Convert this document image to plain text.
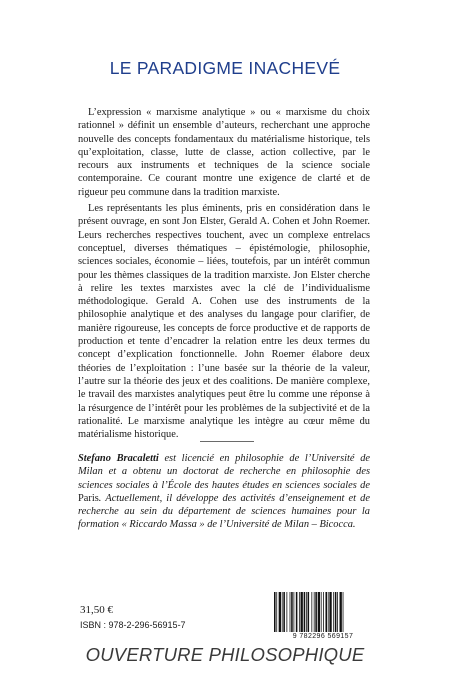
LE PARADIGME INACHEVÉ

L’expression « marxisme analytique » ou « marxisme du choix rationnel » définit un ensemble d’auteurs, recherchant une approche nouvelle des concepts fondamentaux du matérialisme historique, tels qu’exploitation, classe, lutte de classe, action collective, par le recours aux instruments et techniques de la science sociale contemporaine. Ce courant montre une exigence de clarté et de rigueur peu commune dans la tradition marxiste.

Les représentants les plus éminents, pris en considération dans le présent ouvrage, en sont Jon Elster, Gerald A. Cohen et John Roemer. Leurs recherches respectives touchent, avec un complexe entrelacs conceptuel, diverses thématiques – épistémologie, philosophie, sciences sociales, économie – liées, toutefois, par un intérêt commun pour les thèmes classiques de la tradition marxiste. Jon Elster cherche à relire les textes marxistes avec la clé de l’individualisme méthodologique. Gerald A. Cohen use des instruments de la philosophie analytique et des analyses du langage pour clarifier, de manière rigoureuse, les concepts de force productive et de rapports de production et tente d’encadrer la relation entre les deux termes du concept d’explication fonctionnelle. John Roemer élabore deux théories de l’exploitation : l’une basée sur la théorie de la valeur, l’autre sur la théorie des jeux et des coalitions. De manière complexe, le travail des marxistes analytiques peut être lu comme une réponse à la résurgence de l’intérêt pour les problèmes de la subjectivité et de la rationalité. Le marxisme analytique les intègre au cœur même du matérialisme historique.

Stefano Bracaletti est licencié en philosophie de l’Université de Milan et a obtenu un doctorat de recherche en philosophie des sciences sociales à l’École des hautes études en sciences sociales de Paris. Actuellement, il développe des activités d’enseignement et de recherche au sein du département de sciences humaines pour la formation « Riccardo Massa » de l’Université de Milan – Bicocca.

31,50 €
ISBN : 978-2-296-56915-7
9 782296 569157
OUVERTURE PHILOSOPHIQUE
